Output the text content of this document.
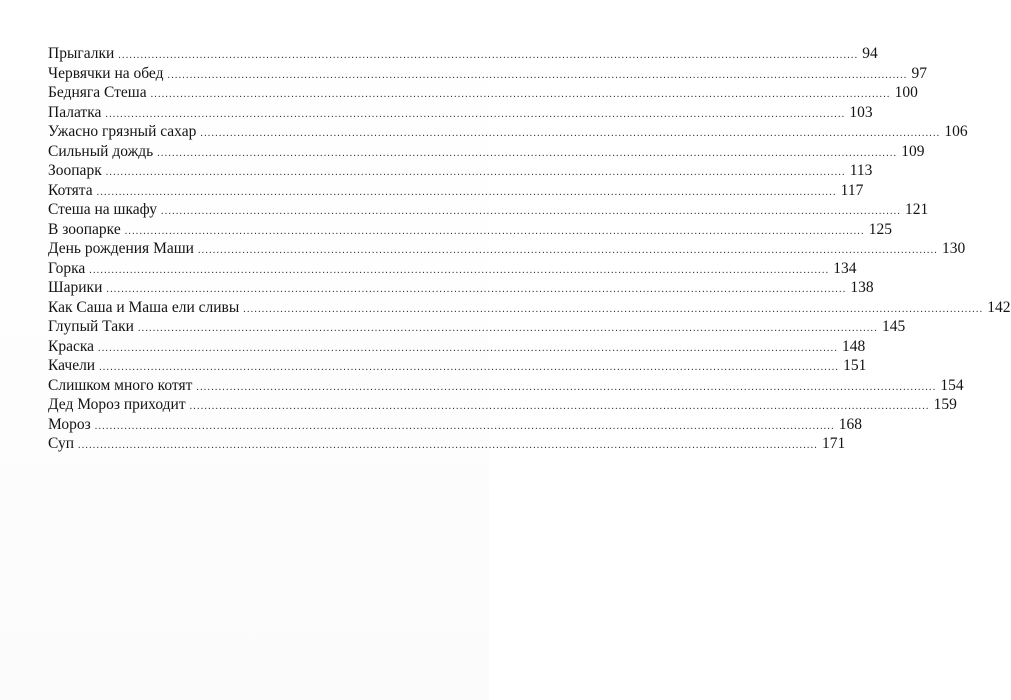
Прыгалки ........................................................................................................................................................................................................ 94
Червячки на обед ........................................................................................................................................................................................................ 97
Бедняга Стеша ........................................................................................................................................................................................................ 100
Палатка ........................................................................................................................................................................................................ 103
Ужасно грязный сахар ........................................................................................................................................................................................................ 106
Сильный дождь ........................................................................................................................................................................................................ 109
Зоопарк ........................................................................................................................................................................................................ 113
Котята ........................................................................................................................................................................................................ 117
Стеша на шкафу ........................................................................................................................................................................................................ 121
В зоопарке ........................................................................................................................................................................................................ 125
День рождения Маши ........................................................................................................................................................................................................ 130
Горка ........................................................................................................................................................................................................ 134
Шарики ........................................................................................................................................................................................................ 138
Как Саша и Маша ели сливы ........................................................................................................................................................................................................ 142
Глупый Таки ........................................................................................................................................................................................................ 145
Краска ........................................................................................................................................................................................................ 148
Качели ........................................................................................................................................................................................................ 151
Слишком много котят ........................................................................................................................................................................................................ 154
Дед Мороз приходит ........................................................................................................................................................................................................ 159
Мороз ........................................................................................................................................................................................................ 168
Суп ........................................................................................................................................................................................................ 171
